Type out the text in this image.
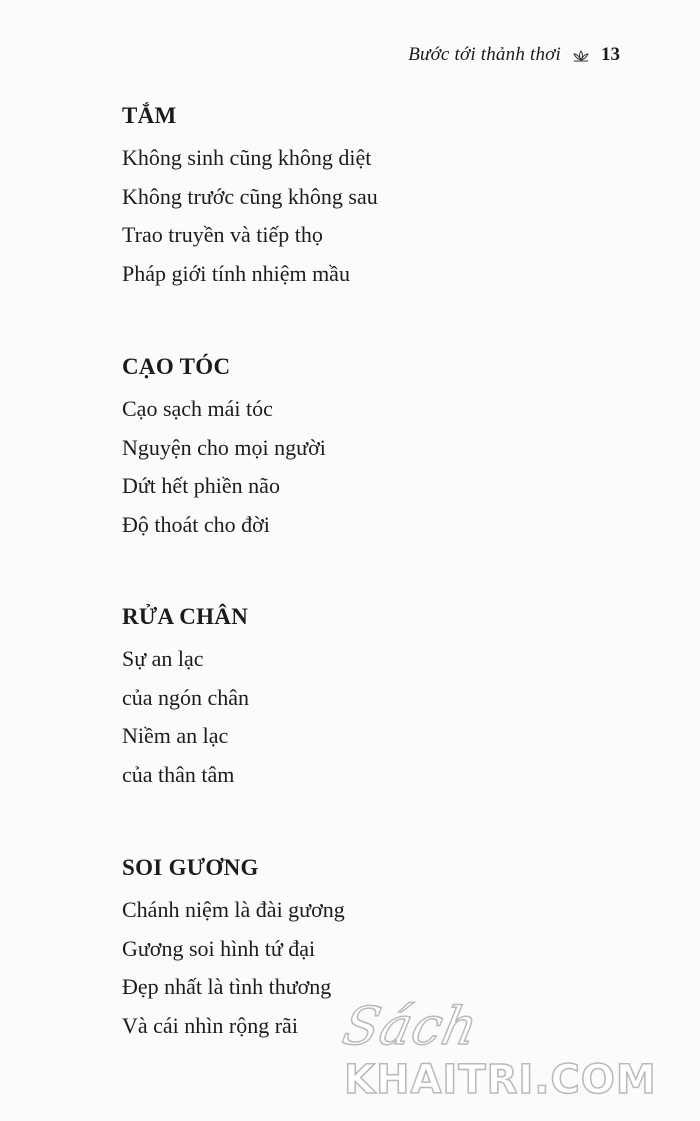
Bước tới thảnh thơi 13
TẮM

Không sinh cũng không diệt

Không trước cũng không sau

Trao truyền và tiếp thọ

Pháp giới tính nhiệm mầu

CẠO TÓC

Cạo sạch mái tóc

Nguyện cho mọi người

Dứt hết phiền não

Độ thoát cho đời

RỬA CHÂN

Sự an lạc

của ngón chân

Niềm an lạc

của thân tâm

SOI GƯƠNG

Chánh niệm là đài gương

Gương soi hình tứ đại

Đẹp nhất là tình thương

Và cái nhìn rộng rãi Sách
KHAITRI.COM
